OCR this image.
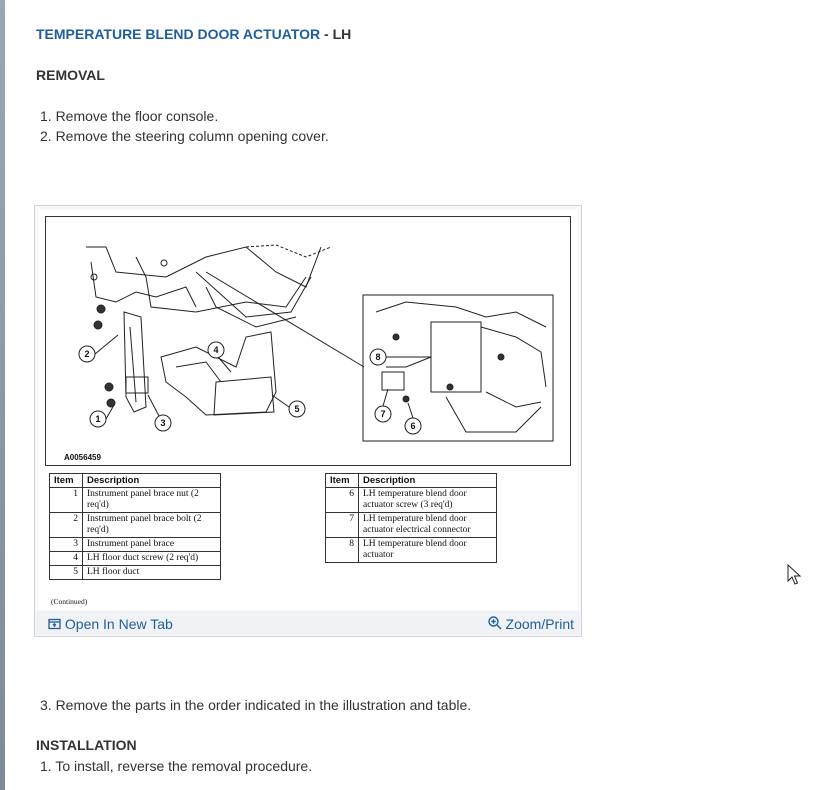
TEMPERATURE BLEND DOOR ACTUATOR - LH
REMOVAL
1. Remove the floor console.
2. Remove the steering column opening cover.
2
1	3
4
5
6
7
8
A0056459
Item	Description
1	Instrument panel brace nut (2 req'd)
2	Instrument panel brace bolt (2 req'd)
3	Instrument panel brace
4	LH floor duct screw (2 req'd)
5	LH floor duct
Item	Description
6	LH temperature blend door actuator screw (3 req'd)
7	LH temperature blend door actuator electrical connector
8	LH temperature blend door actuator
(Continued)
Open In New Tab	Zoom/Print
3. Remove the parts in the order indicated in the illustration and table.
INSTALLATION
1. To install, reverse the removal procedure.
